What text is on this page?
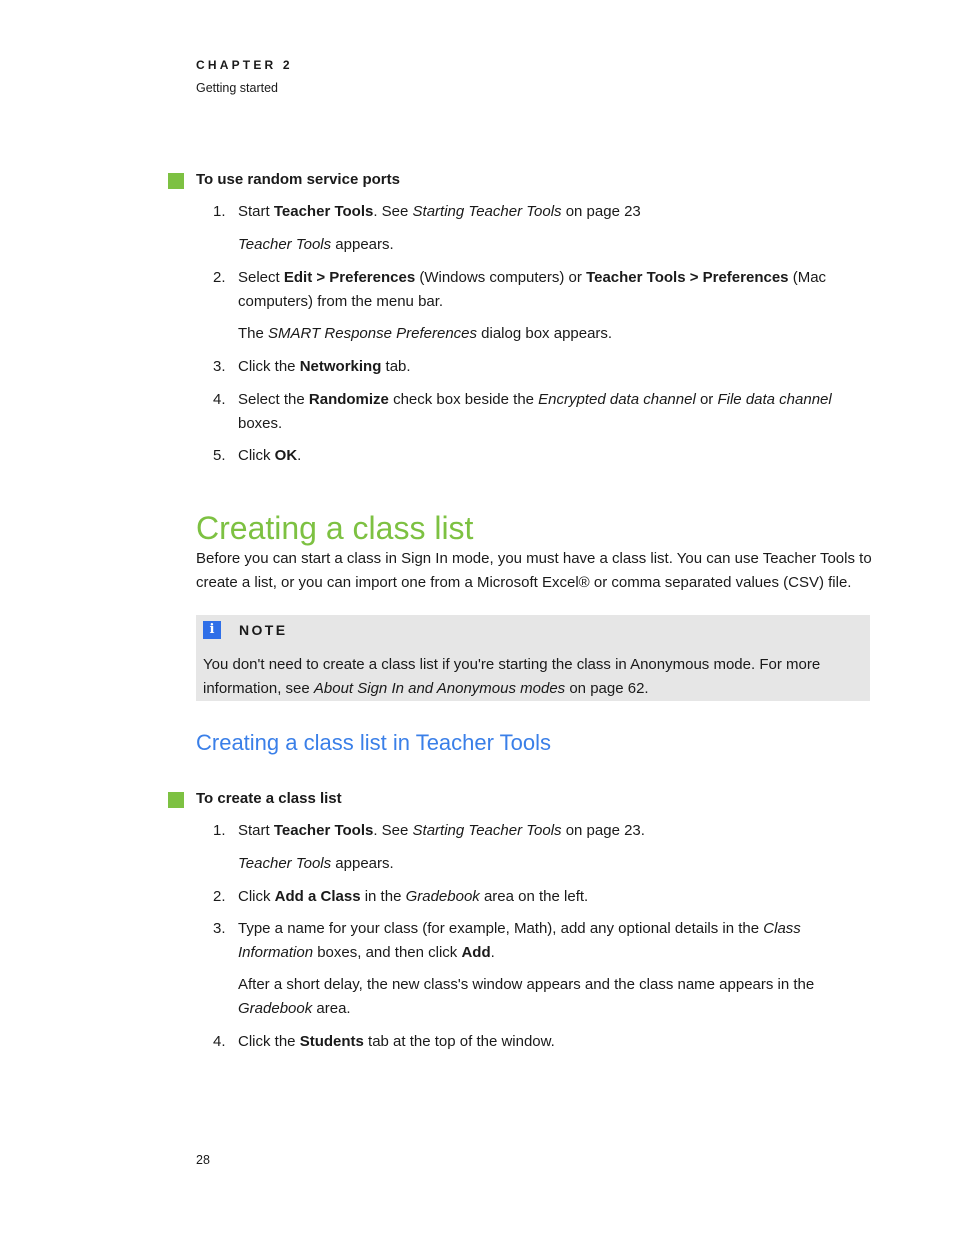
CHAPTER 2
Getting started
To use random service ports
1. Start Teacher Tools. See Starting Teacher Tools on page 23
Teacher Tools appears.
2. Select Edit > Preferences (Windows computers) or Teacher Tools > Preferences (Mac computers) from the menu bar.
The SMART Response Preferences dialog box appears.
3. Click the Networking tab.
4. Select the Randomize check box beside the Encrypted data channel or File data channel boxes.
5. Click OK.
Creating a class list
Before you can start a class in Sign In mode, you must have a class list. You can use Teacher Tools to create a list, or you can import one from a Microsoft Excel® or comma separated values (CSV) file.
i	NOTE
You don't need to create a class list if you're starting the class in Anonymous mode. For more information, see About Sign In and Anonymous modes on page 62.
Creating a class list in Teacher Tools
To create a class list
1. Start Teacher Tools. See Starting Teacher Tools on page 23.
Teacher Tools appears.
2. Click Add a Class in the Gradebook area on the left.
3. Type a name for your class (for example, Math), add any optional details in the Class Information boxes, and then click Add.
After a short delay, the new class's window appears and the class name appears in the Gradebook area.
4. Click the Students tab at the top of the window.
28
